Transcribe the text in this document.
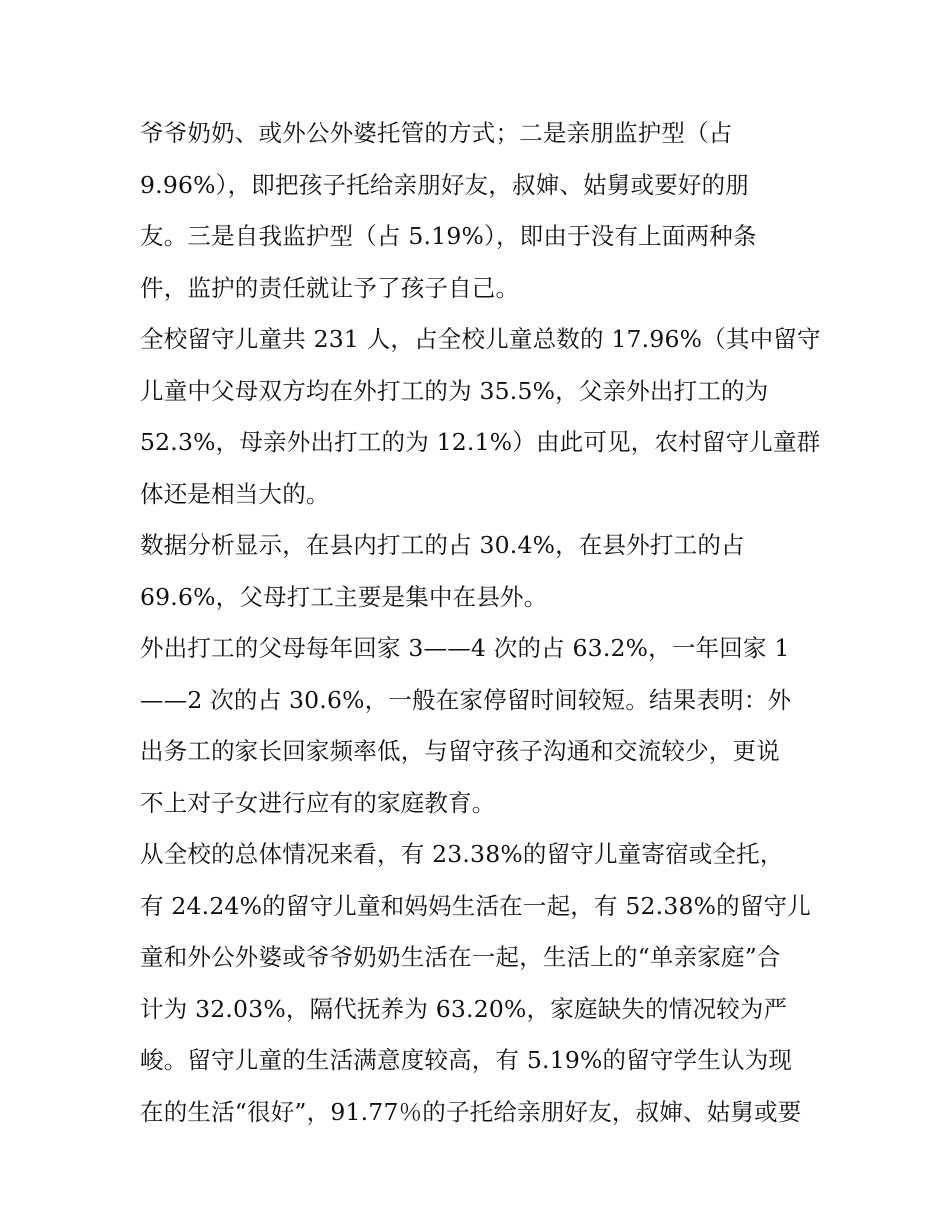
爷爷奶奶、或外公外婆托管的方式；二是亲朋监护型（占
9.96%），即把孩子托给亲朋好友，叔婶、姑舅或要好的朋
友。三是自我监护型（占 5.19%），即由于没有上面两种条
件，监护的责任就让予了孩子自己。
全校留守儿童共 231 人，占全校儿童总数的 17.96%（其中留守
儿童中父母双方均在外打工的为 35.5%，父亲外出打工的为
52.3%，母亲外出打工的为 12.1%）由此可见，农村留守儿童群
体还是相当大的。
数据分析显示，在县内打工的占 30.4%，在县外打工的占
69.6%，父母打工主要是集中在县外。
外出打工的父母每年回家 3——4 次的占 63.2%，一年回家 1
——2 次的占 30.6%，一般在家停留时间较短。结果表明：外
出务工的家长回家频率低，与留守孩子沟通和交流较少，更说
不上对子女进行应有的家庭教育。
从全校的总体情况来看，有 23.38%的留守儿童寄宿或全托，
有 24.24%的留守儿童和妈妈生活在一起，有 52.38%的留守儿
童和外公外婆或爷爷奶奶生活在一起，生活上的“单亲家庭”合
计为 32.03%，隔代抚养为 63.20%，家庭缺失的情况较为严
峻。留守儿童的生活满意度较高，有 5.19%的留守学生认为现
在的生活“很好”，91.77％的子托给亲朋好友，叔婶、姑舅或要
